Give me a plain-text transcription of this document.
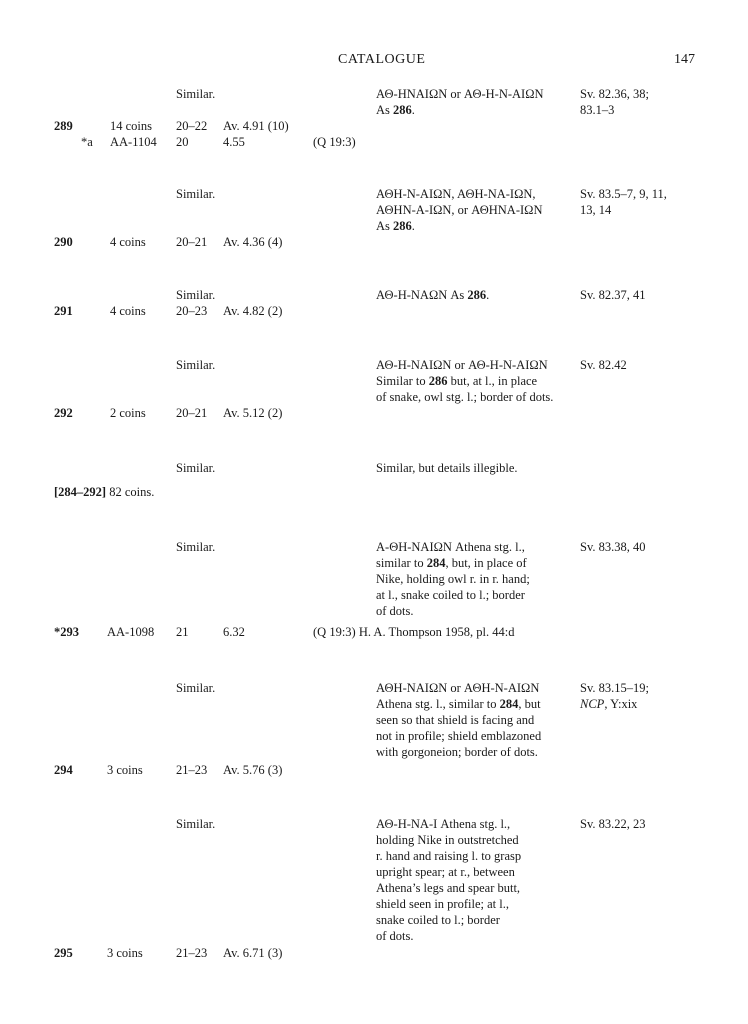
CATALOGUE	147
Similar.	ΑΘ-ΗΝΑΙΩΝ or ΑΘ-Η-Ν-ΑΙΩΝ	Sv. 82.36, 38;
As 286.	83.1–3
289	14 coins 20–22 Av. 4.91 (10)
*a AA-1104 20	4.55	(Q 19:3)
Similar.	ΑΘΗ-Ν-ΑΙΩΝ, ΑΘΗ-ΝΑ-ΙΩΝ,	Sv. 83.5–7, 9, 11,
ΑΘΗΝ-Α-ΙΩΝ, or ΑΘΗΝΑ-ΙΩΝ	13, 14
As 286.
290	4 coins 20–21 Av. 4.36 (4)
Similar.	ΑΘ-Η-ΝΑΩΝ As 286.	Sv. 82.37, 41
291	4 coins 20–23 Av. 4.82 (2)
Similar.	ΑΘ-Η-ΝΑΙΩΝ or ΑΘ-Η-Ν-ΑΙΩΝ	Sv. 82.42
Similar to 286 but, at l., in place
of snake, owl stg. l.; border of dots.
292	2 coins 20–21 Av. 5.12 (2)
Similar.	Similar, but details illegible.
[284–292] 82 coins.
Similar.	Α-ΘΗ-ΝΑΙΩΝ Athena stg. l.,	Sv. 83.38, 40
similar to 284, but, in place of
Nike, holding owl r. in r. hand;
at l., snake coiled to l.; border
of dots.
*293 AA-1098 21	6.32	(Q 19:3) H. A. Thompson 1958, pl. 44:d
Similar.	ΑΘΗ-ΝΑΙΩΝ or ΑΘΗ-Ν-ΑΙΩΝ	Sv. 83.15–19;
Athena stg. l., similar to 284, but	NCP, Y:xix
seen so that shield is facing and
not in profile; shield emblazoned
with gorgoneion; border of dots.
294	3 coins	21–23 Av. 5.76 (3)
Similar.	ΑΘ-Η-ΝΑ-Ι Athena stg. l.,	Sv. 83.22, 23
holding Nike in outstretched
r. hand and raising l. to grasp
upright spear; at r., between
Athena’s legs and spear butt,
shield seen in profile; at l.,
snake coiled to l.; border
of dots.
295	3 coins	21–23 Av. 6.71 (3)
